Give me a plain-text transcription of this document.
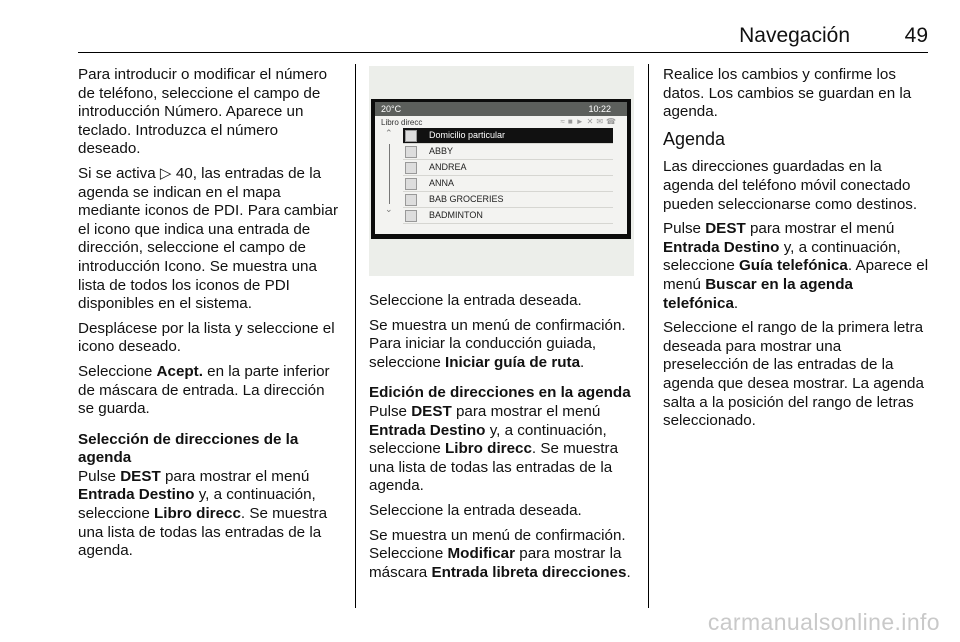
Navegación	49

Para introducir o modificar el número de teléfono, seleccione el campo de introducción Número. Aparece un teclado. Introduzca el número deseado.

Si se activa ▷ 40, las entradas de la agenda se indican en el mapa mediante iconos de PDI. Para cambiar el icono que indica una entrada de dirección, seleccione el campo de introducción Icono. Se muestra una lista de todos los iconos de PDI disponibles en el sistema.

Desplácese por la lista y seleccione el icono deseado.

Seleccione Acept. en la parte inferior de máscara de entrada. La dirección se guarda.

Selección de direcciones de la agenda

Pulse DEST para mostrar el menú Entrada Destino y, a continuación, seleccione Libro direcc. Se muestra una lista de todas las entradas de la agenda.

20°C	10:22
Libro direcc	≈■►✕✉☎
⌃
⌄
Domicilio particular
ABBY
ANDREA
ANNA
BAB GROCERIES
BADMINTON

Seleccione la entrada deseada.

Se muestra un menú de confirmación. Para iniciar la conducción guiada, seleccione Iniciar guía de ruta.

Edición de direcciones en la agenda

Pulse DEST para mostrar el menú Entrada Destino y, a continuación, seleccione Libro direcc. Se muestra una lista de todas las entradas de la agenda.

Seleccione la entrada deseada.

Se muestra un menú de confirmación. Seleccione Modificar para mostrar la máscara Entrada libreta direcciones.

Realice los cambios y confirme los datos. Los cambios se guardan en la agenda.

Agenda

Las direcciones guardadas en la agenda del teléfono móvil conectado pueden seleccionarse como destinos.

Pulse DEST para mostrar el menú Entrada Destino y, a continuación, seleccione Guía telefónica. Aparece el menú Buscar en la agenda telefónica.

Seleccione el rango de la primera letra deseada para mostrar una preselección de las entradas de la agenda que desea mostrar. La agenda salta a la posición del rango de letras seleccionado.

carmanualsonline.info
